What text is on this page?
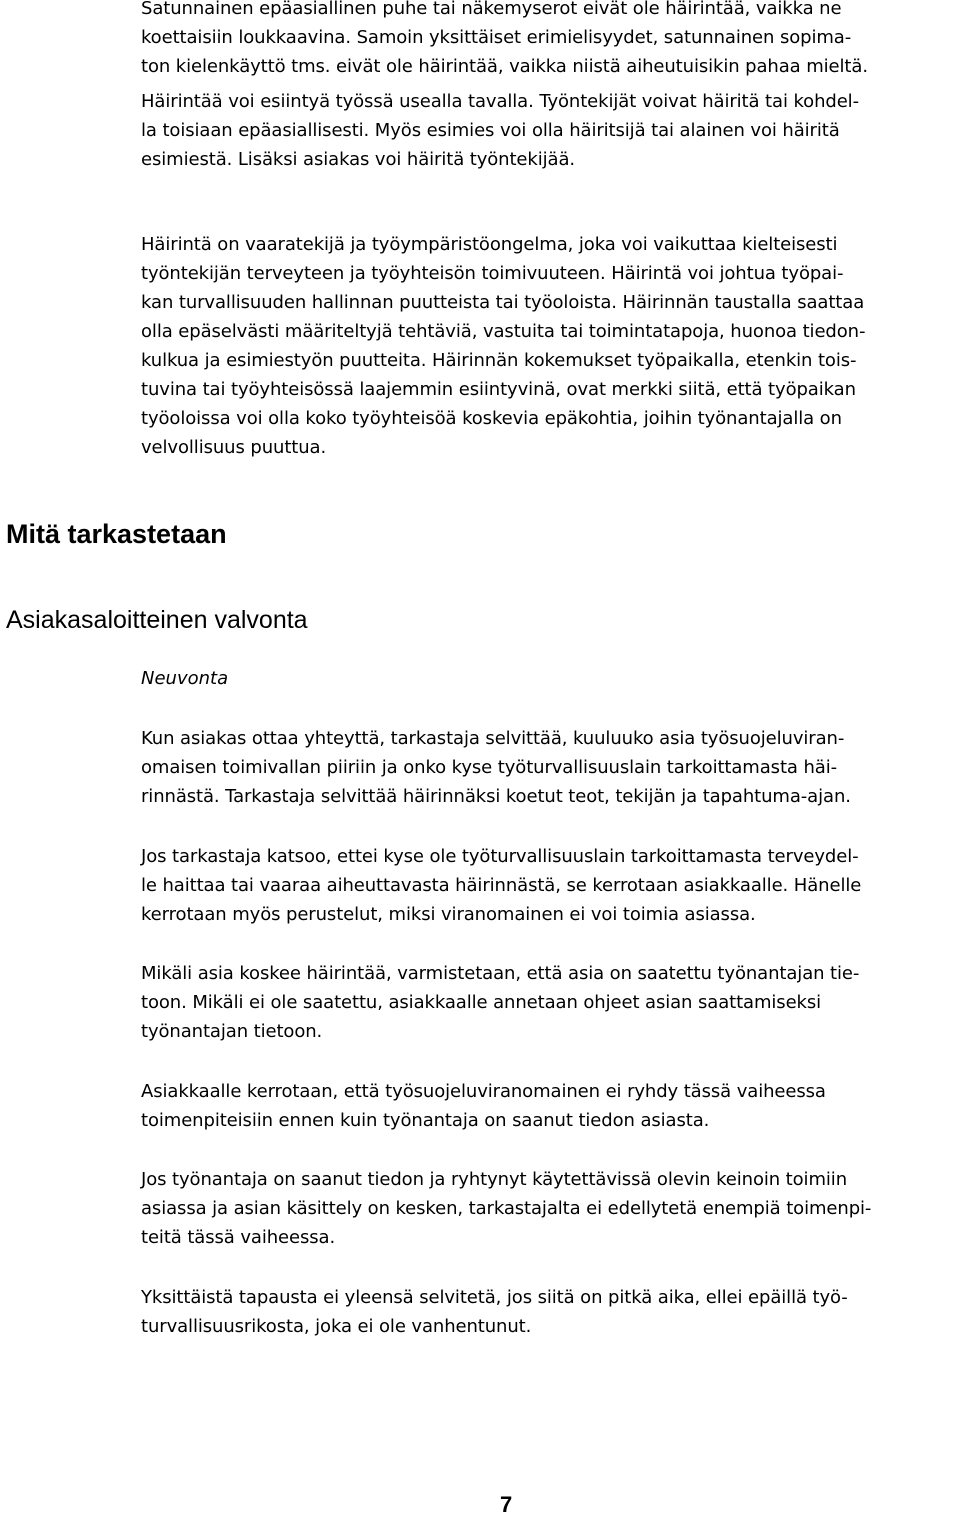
Satunnainen epäasiallinen puhe tai näkemyserot eivät ole häirintää, vaikka ne
koettaisiin loukkaavina. Samoin yksittäiset erimielisyydet, satunnainen sopima-
ton kielenkäyttö tms. eivät ole häirintää, vaikka niistä aiheutuisikin pahaa mieltä.

Häirintää voi esiintyä työssä usealla tavalla. Työntekijät voivat häiritä tai kohdel-
la toisiaan epäasiallisesti. Myös esimies voi olla häiritsijä tai alainen voi häiritä
esimiestä. Lisäksi asiakas voi häiritä työntekijää.

Häirintä on vaaratekijä ja työympäristöongelma, joka voi vaikuttaa kielteisesti
työntekijän terveyteen ja työyhteisön toimivuuteen. Häirintä voi johtua työpai-
kan turvallisuuden hallinnan puutteista tai työoloista. Häirinnän taustalla saattaa
olla epäselvästi määriteltyjä tehtäviä, vastuita tai toimintatapoja, huonoa tiedon-
kulkua ja esimiestyön puutteita. Häirinnän kokemukset työpaikalla, etenkin tois-
tuvina tai työyhteisössä laajemmin esiintyvinä, ovat merkki siitä, että työpaikan
työoloissa voi olla koko työyhteisöä koskevia epäkohtia, joihin työnantajalla on
velvollisuus puuttua.

Mitä tarkastetaan
Asiakasaloitteinen valvonta
Neuvonta

Kun asiakas ottaa yhteyttä, tarkastaja selvittää, kuuluuko asia työsuojeluviran-
omaisen toimivallan piiriin ja onko kyse työturvallisuuslain tarkoittamasta häi-
rinnästä. Tarkastaja selvittää häirinnäksi koetut teot, tekijän ja tapahtuma-ajan.

Jos tarkastaja katsoo, ettei kyse ole työturvallisuuslain tarkoittamasta terveydel-
le haittaa tai vaaraa aiheuttavasta häirinnästä, se kerrotaan asiakkaalle. Hänelle
kerrotaan myös perustelut, miksi viranomainen ei voi toimia asiassa.

Mikäli asia koskee häirintää, varmistetaan, että asia on saatettu työnantajan tie-
toon. Mikäli ei ole saatettu, asiakkaalle annetaan ohjeet asian saattamiseksi
työnantajan tietoon.

Asiakkaalle kerrotaan, että työsuojeluviranomainen ei ryhdy tässä vaiheessa
toimenpiteisiin ennen kuin työnantaja on saanut tiedon asiasta.

Jos työnantaja on saanut tiedon ja ryhtynyt käytettävissä olevin keinoin toimiin
asiassa ja asian käsittely on kesken, tarkastajalta ei edellytetä enempiä toimenpi-
teitä tässä vaiheessa.

Yksittäistä tapausta ei yleensä selvitetä, jos siitä on pitkä aika, ellei epäillä työ-
turvallisuusrikosta, joka ei ole vanhentunut.

7
